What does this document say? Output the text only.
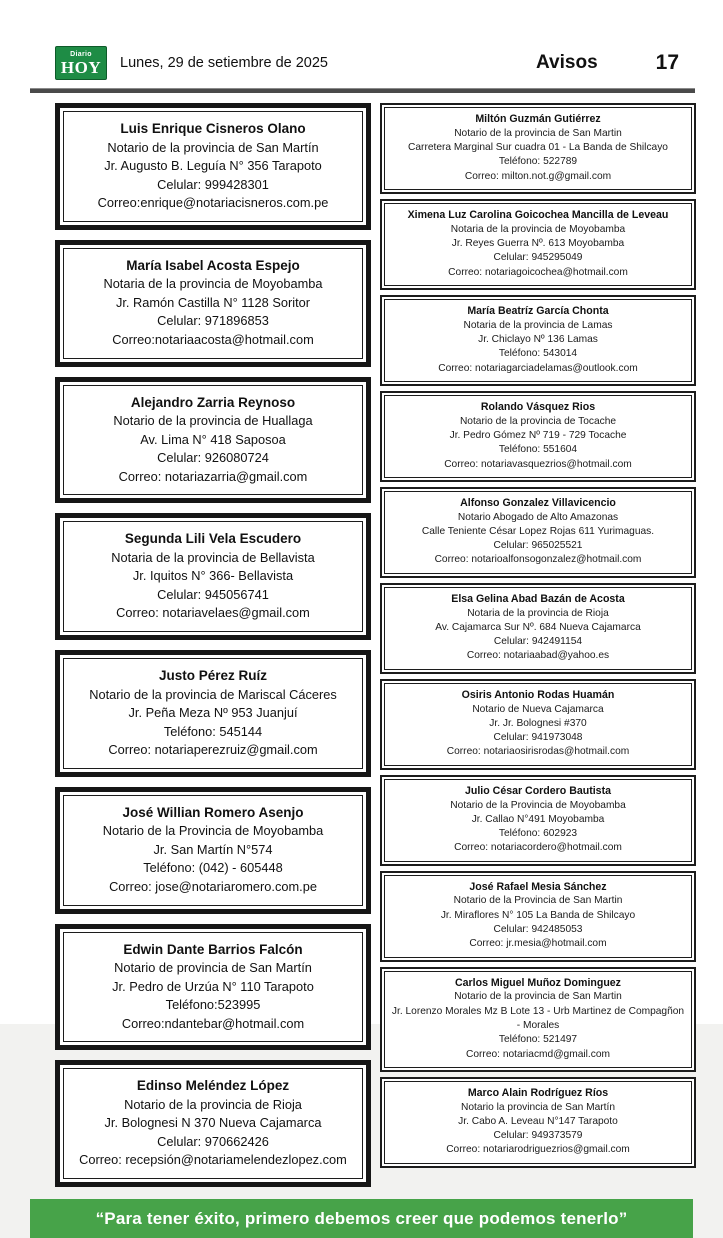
Diario
HOY Lunes, 29 de setiembre de 2025	Avisos	17
Luis Enrique Cisneros Olano
Notario de la provincia de San Martín
Jr. Augusto B. Leguía N° 356 Tarapoto
Celular: 999428301
Correo:enrique@notariacisneros.com.pe
María Isabel Acosta Espejo
Notaria de la provincia de Moyobamba
Jr. Ramón Castilla N° 1128 Soritor
Celular: 971896853
Correo:notariaacosta@hotmail.com
Alejandro Zarria Reynoso
Notario de la provincia de Huallaga
Av. Lima N° 418 Saposoa
Celular: 926080724
Correo: notariazarria@gmail.com
Segunda Lili Vela Escudero
Notaria de la provincia de Bellavista
Jr. Iquitos N° 366- Bellavista
Celular: 945056741
Correo: notariavelaes@gmail.com
Justo Pérez Ruíz
Notario de la provincia de Mariscal Cáceres
Jr. Peña Meza Nº 953 Juanjuí
Teléfono: 545144
Correo: notariaperezruiz@gmail.com
José Willian Romero Asenjo
Notario de la Provincia de Moyobamba
Jr. San Martín N°574
Teléfono: (042) - 605448
Correo: jose@notariaromero.com.pe
Edwin Dante Barrios Falcón
Notario de provincia de San Martín
Jr. Pedro de Urzúa N° 110 Tarapoto
Teléfono:523995
Correo:ndantebar@hotmail.com
Edinso Meléndez López
Notario de la provincia de Rioja
Jr. Bolognesi N 370 Nueva Cajamarca
Celular: 970662426
Correo: recepsión@notariamelendezlopez.com
Miltón Guzmán Gutiérrez
Notario de la provincia de San Martin
Carretera Marginal Sur cuadra 01 - La Banda de Shilcayo
Teléfono: 522789
Correo: milton.not.g@gmail.com
Ximena Luz Carolina Goicochea Mancilla de Leveau
Notaria de la provincia de Moyobamba
Jr. Reyes Guerra Nº. 613 Moyobamba
Celular: 945295049
Correo: notariagoicochea@hotmail.com
María Beatríz García Chonta
Notaria de la provincia de Lamas
Jr. Chiclayo Nº 136 Lamas
Teléfono: 543014
Correo: notariagarciadelamas@outlook.com
Rolando Vásquez Rios
Notario de la provincia de Tocache
Jr. Pedro Gómez Nº 719 - 729 Tocache
Teléfono: 551604
Correo: notariavasquezrios@hotmail.com
Alfonso Gonzalez Villavicencio
Notario Abogado de Alto Amazonas
Calle Teniente César Lopez Rojas 611 Yurimaguas.
Celular: 965025521
Correo: notarioalfonsogonzalez@hotmail.com
Elsa Gelina Abad Bazán de Acosta
Notaria de la provincia de Rioja
Av. Cajamarca Sur Nº. 684 Nueva Cajamarca
Celular: 942491154
Correo: notariaabad@yahoo.es
Osiris Antonio Rodas Huamán
Notario de Nueva Cajamarca
Jr. Jr. Bolognesi #370
Celular: 941973048
Correo: notariaosirisrodas@hotmail.com
Julio César Cordero Bautista
Notario de la Provincia de Moyobamba
Jr. Callao N°491 Moyobamba
Teléfono: 602923
Correo: notariacordero@hotmail.com
José Rafael Mesia Sánchez
Notario de la Provincia de San Martin
Jr. Miraflores N° 105 La Banda de Shilcayo
Celular: 942485053
Correo: jr.mesia@hotmail.com
Carlos Miguel Muñoz Dominguez
Notario de la provincia de San Martin
Jr. Lorenzo Morales Mz B Lote 13 - Urb Martinez de Compagñon
- Morales
Teléfono: 521497
Correo: notariacmd@gmail.com
Marco Alain Rodríguez Ríos
Notario la provincia de San Martín
Jr. Cabo A. Leveau N°147 Tarapoto
Celular: 949373579
Correo: notariarodriguezrios@gmail.com
“Para tener éxito, primero debemos creer que podemos tenerlo”
